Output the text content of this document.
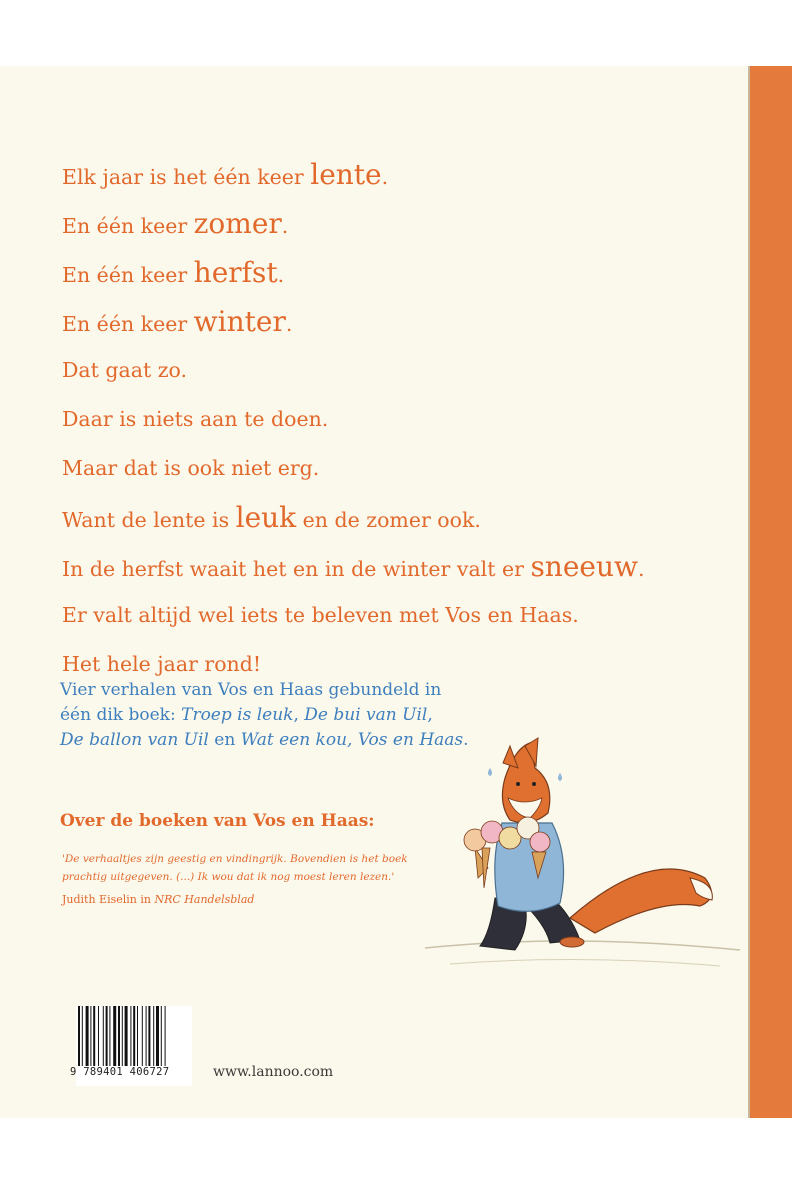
Elk jaar is het één keer lente.
En één keer zomer.
En één keer herfst.
En één keer winter.
Dat gaat zo.
Daar is niets aan te doen.
Maar dat is ook niet erg.
Want de lente is leuk en de zomer ook.
In de herfst waait het en in de winter valt er sneeuw.
Er valt altijd wel iets te beleven met Vos en Haas.
Het hele jaar rond!

Vier verhalen van Vos en Haas gebundeld in

één dik boek: Troep is leuk, De bui van Uil,

De ballon van Uil en Wat een kou, Vos en Haas.

Over de boeken van Vos en Haas:

'De verhaaltjes zijn geestig en vindingrijk. Bovendien is het boek prachtig uitgegeven. (...) Ik wou dat ik nog moest leren lezen.'

Judith Eiselin in NRC Handelsblad

9 789401 406727	www.lannoo.com
